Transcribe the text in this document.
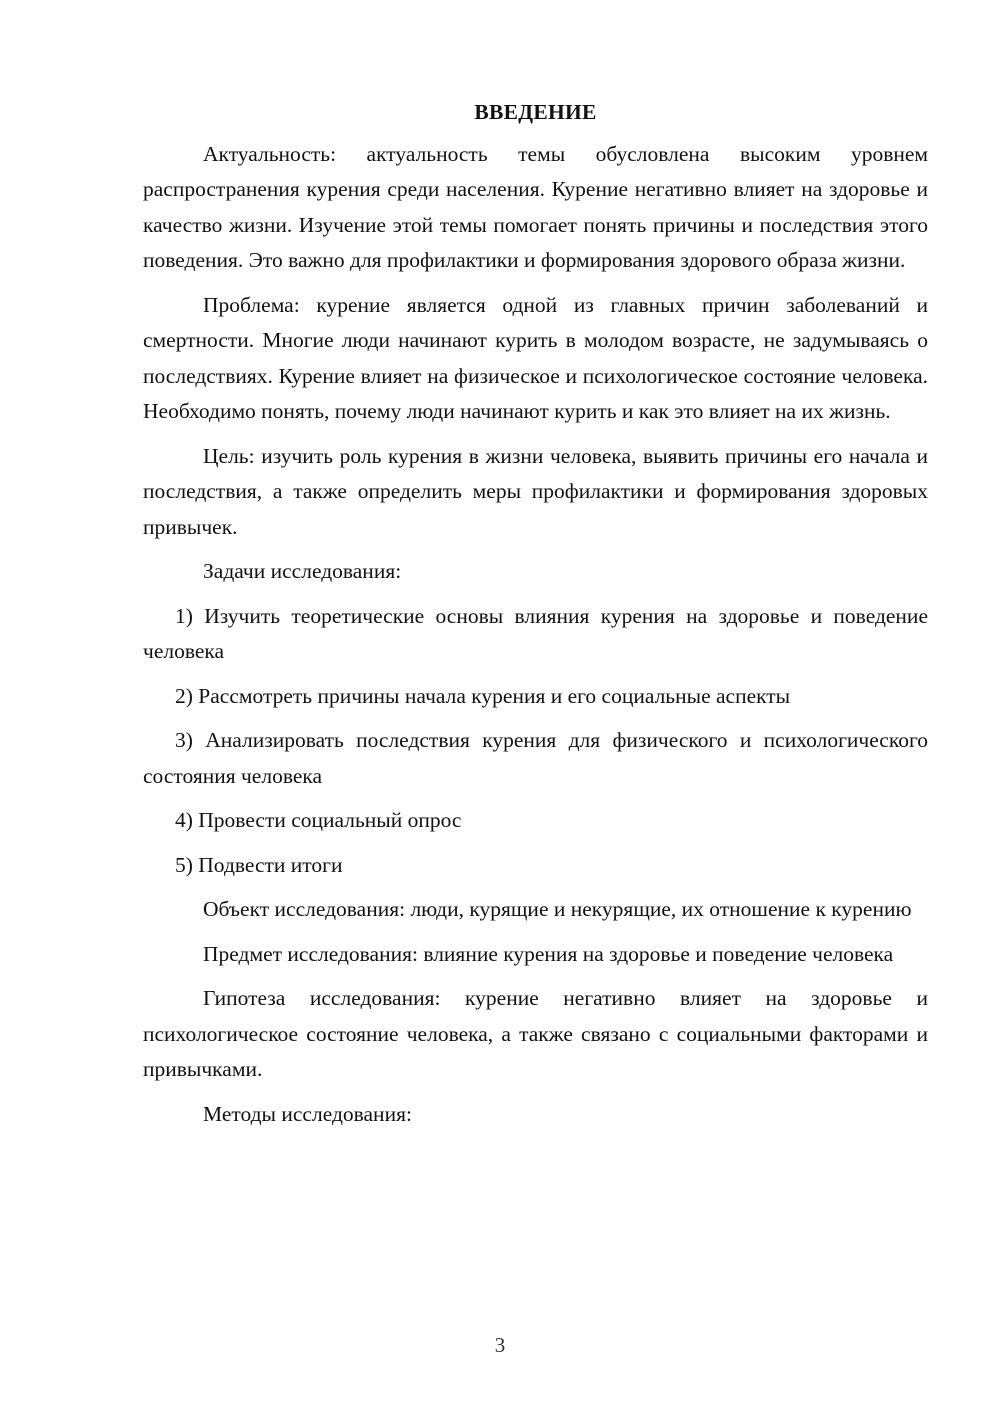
ВВЕДЕНИЕ

Актуальность: актуальность темы обусловлена высоким уровнем распространения курения среди населения. Курение негативно влияет на здоровье и качество жизни. Изучение этой темы помогает понять причины и последствия этого поведения. Это важно для профилактики и формирования здорового образа жизни.

Проблема: курение является одной из главных причин заболеваний и смертности. Многие люди начинают курить в молодом возрасте, не задумываясь о последствиях. Курение влияет на физическое и психологическое состояние человека. Необходимо понять, почему люди начинают курить и как это влияет на их жизнь.

Цель: изучить роль курения в жизни человека, выявить причины его начала и последствия, а также определить меры профилактики и формирования здоровых привычек.

Задачи исследования:

1) Изучить теоретические основы влияния курения на здоровье и поведение человека

2) Рассмотреть причины начала курения и его социальные аспекты

3) Анализировать последствия курения для физического и психологического состояния человека

4) Провести социальный опрос

5) Подвести итоги

Объект исследования: люди, курящие и некурящие, их отношение к курению

Предмет исследования: влияние курения на здоровье и поведение человека

Гипотеза исследования: курение негативно влияет на здоровье и психологическое состояние человека, а также связано с социальными факторами и привычками.

Методы исследования:

3
